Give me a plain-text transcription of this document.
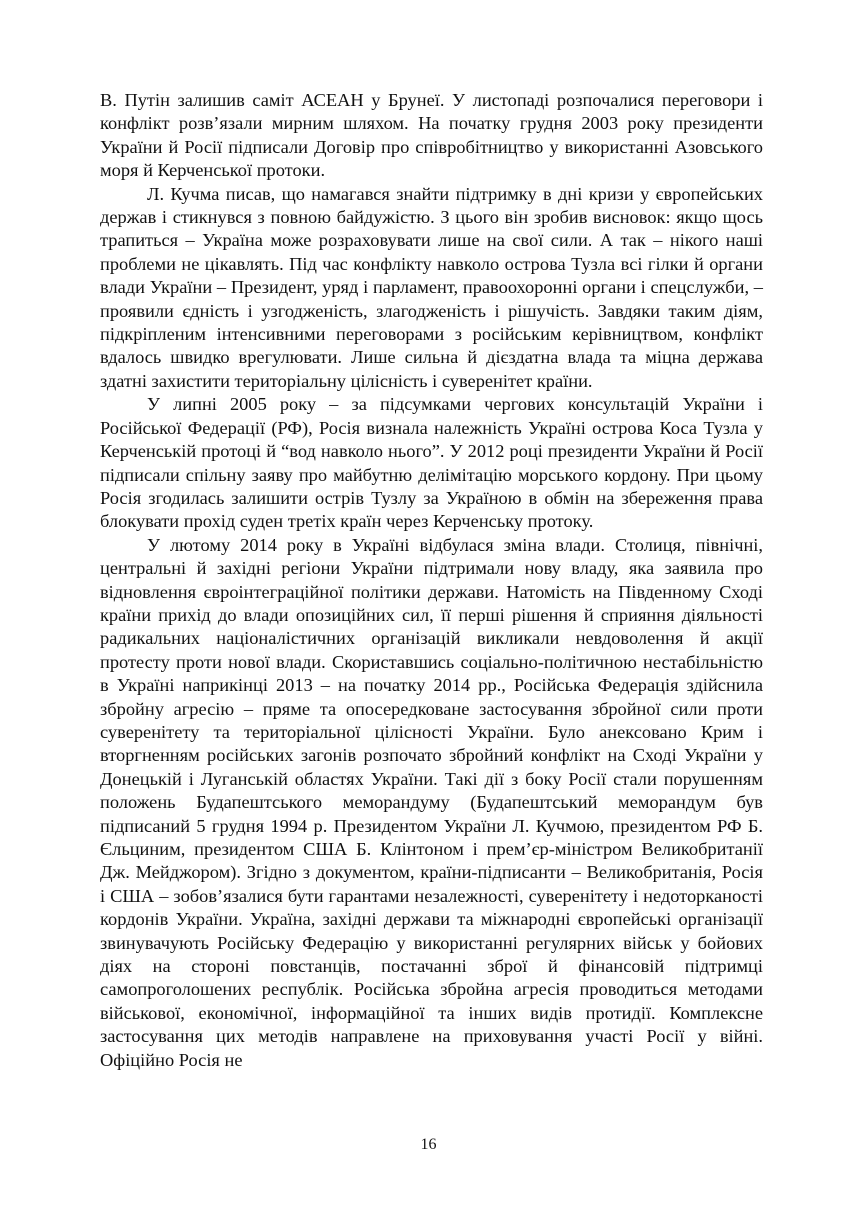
В. Путін залишив саміт АСЕАН у Брунеї. У листопаді розпочалися переговори і конфлікт розв’язали мирним шляхом. На початку грудня 2003 року президенти України й Росії підписали Договір про співробітництво у використанні Азовського моря й Керченської протоки.

Л. Кучма писав, що намагався знайти підтримку в дні кризи у європейських держав і стикнувся з повною байдужістю. З цього він зробив висновок: якщо щось трапиться – Україна може розраховувати лише на свої сили. А так – нікого наші проблеми не цікавлять. Під час конфлікту навколо острова Тузла всі гілки й органи влади України – Президент, уряд і парламент, правоохоронні органи і спецслужби, – проявили єдність і узгодженість, злагодженість і рішучість. Завдяки таким діям, підкріпленим інтенсивними переговорами з російським керівництвом, конфлікт вдалось швидко врегулювати. Лише сильна й дієздатна влада та міцна держава здатні захистити територіальну цілісність і суверенітет країни.

У липні 2005 року – за підсумками чергових консультацій України і Російської Федерації (РФ), Росія визнала належність Україні острова Коса Тузла у Керченській протоці й “вод навколо нього”. У 2012 році президенти України й Росії підписали спільну заяву про майбутню делімітацію морського кордону. При цьому Росія згодилась залишити острів Тузлу за Україною в обмін на збереження права блокувати прохід суден третіх країн через Керченську протоку.

У лютому 2014 року в Україні відбулася зміна влади. Столиця, північні, центральні й західні регіони України підтримали нову владу, яка заявила про відновлення євроінтеграційної політики держави. Натомість на Південному Сході країни прихід до влади опозиційних сил, її перші рішення й сприяння діяльності радикальних націоналістичних організацій викликали невдоволення й акції протесту проти нової влади. Скориставшись соціально-політичною нестабільністю в Україні наприкінці 2013 – на початку 2014 рр., Російська Федерація здійснила збройну агресію – пряме та опосередковане застосування збройної сили проти суверенітету та територіальної цілісності України. Було анексовано Крим і вторгненням російських загонів розпочато збройний конфлікт на Сході України у Донецькій і Луганській областях України. Такі дії з боку Росії стали порушенням положень Будапештського меморандуму (Будапештський меморандум був підписаний 5 грудня 1994 р. Президентом України Л. Кучмою, президентом РФ Б. Єльциним, президентом США Б. Клінтоном і прем’єр-міністром Великобританії Дж. Мейджором). Згідно з документом, країни-підписанти – Великобританія, Росія і США – зобов’язалися бути гарантами незалежності, суверенітету і недоторканості кордонів України. Україна, західні держави та міжнародні європейські організації звинувачують Російську Федерацію у використанні регулярних військ у бойових діях на стороні повстанців, постачанні зброї й фінансовій підтримці самопроголошених республік. Російська збройна агресія проводиться методами військової, економічної, інформаційної та інших видів протидії. Комплексне застосування цих методів направлене на приховування участі Росії у війні. Офіційно Росія не

16
